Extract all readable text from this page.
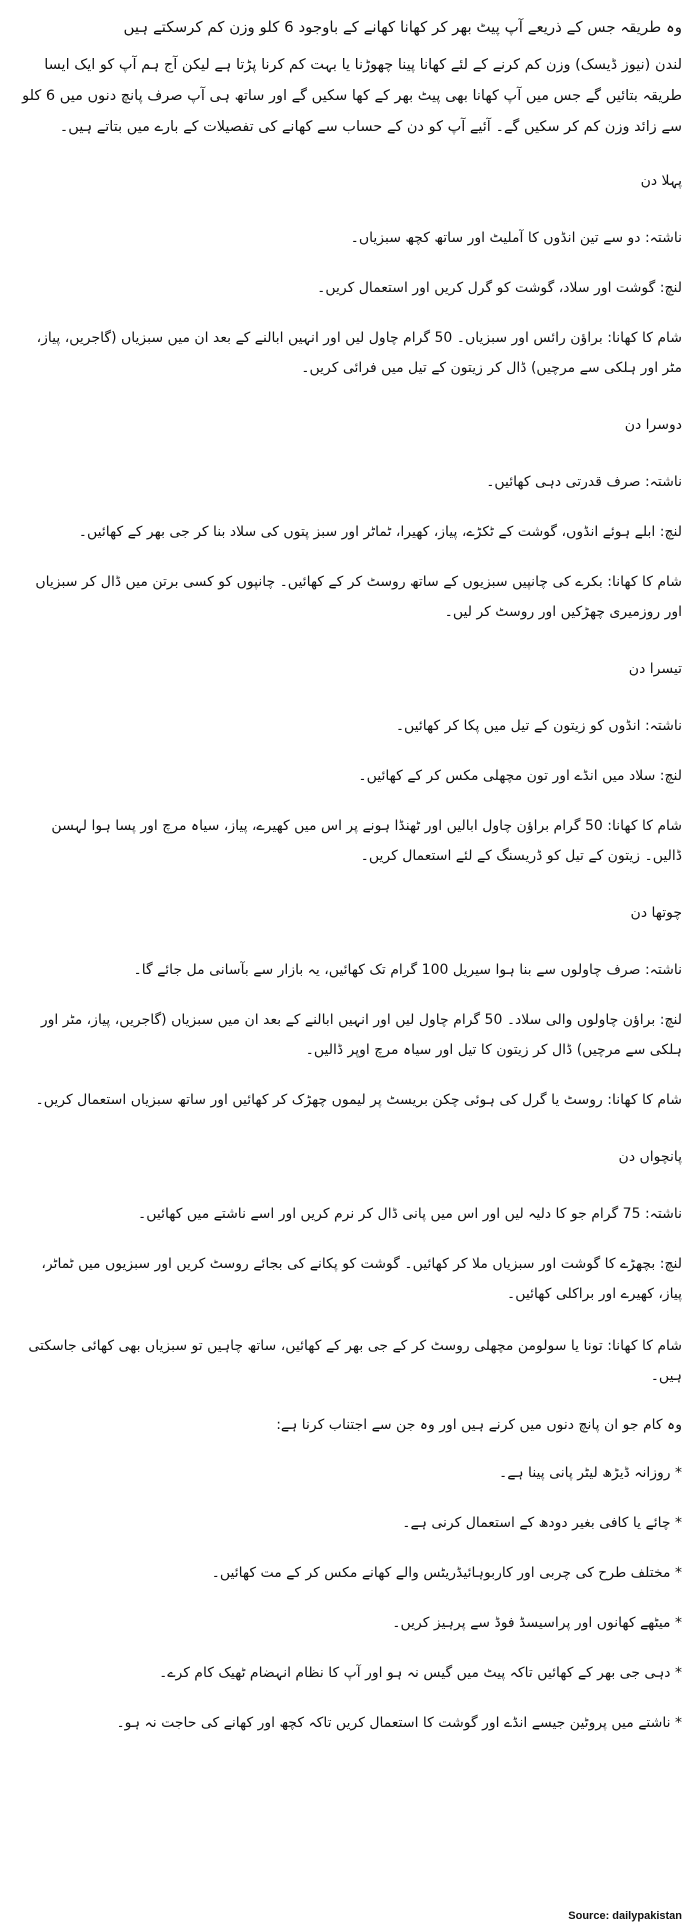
وہ طریقہ جس کے ذریعے آپ پیٹ بھر کر کھانا کھانے کے باوجود 6 کلو وزن کم کرسکتے ہیں

لندن (نیوز ڈیسک) وزن کم کرنے کے لئے کھانا پینا چھوڑنا یا بہت کم کرنا پڑتا ہے لیکن آج ہم آپ کو ایک ایسا طریقہ بتائیں گے جس میں آپ کھانا بھی پیٹ بھر کے کھا سکیں گے اور ساتھ ہی آپ صرف پانچ دنوں میں 6 کلو سے زائد وزن کم کر سکیں گے۔ آئیے آپ کو دن کے حساب سے کھانے کی تفصیلات کے بارے میں بتاتے ہیں۔

پہلا دن

ناشتہ: دو سے تین انڈوں کا آملیٹ اور ساتھ کچھ سبزیاں۔

لنچ: گوشت اور سلاد، گوشت کو گرل کریں اور استعمال کریں۔

شام کا کھانا: براؤن رائس اور سبزیاں۔ 50 گرام چاول لیں اور انہیں ابالنے کے بعد ان میں سبزیاں (گاجریں، پیاز، مٹر اور ہلکی سے مرچیں) ڈال کر زیتون کے تیل میں فرائی کریں۔

دوسرا دن

ناشتہ: صرف قدرتی دہی کھائیں۔

لنچ: ابلے ہوئے انڈوں، گوشت کے ٹکڑے، پیاز، کھیرا، ٹماٹر اور سبز پتوں کی سلاد بنا کر جی بھر کے کھائیں۔

شام کا کھانا: بکرے کی چانپیں سبزیوں کے ساتھ روسٹ کر کے کھائیں۔ چانپوں کو کسی برتن میں ڈال کر سبزیاں اور روزمیری چھڑکیں اور روسٹ کر لیں۔

تیسرا دن

ناشتہ: انڈوں کو زیتون کے تیل میں پکا کر کھائیں۔

لنچ: سلاد میں انڈے اور تون مچھلی مکس کر کے کھائیں۔

شام کا کھانا: 50 گرام براؤن چاول ابالیں اور ٹھنڈا ہونے پر اس میں کھیرے، پیاز، سیاہ مرچ اور پسا ہوا لہسن ڈالیں۔ زیتون کے تیل کو ڈریسنگ کے لئے استعمال کریں۔

چوتھا دن

ناشتہ: صرف چاولوں سے بنا ہوا سیریل 100 گرام تک کھائیں، یہ بازار سے بآسانی مل جائے گا۔

لنچ: براؤن چاولوں والی سلاد۔ 50 گرام چاول لیں اور انہیں ابالنے کے بعد ان میں سبزیاں (گاجریں، پیاز، مٹر اور ہلکی سے مرچیں) ڈال کر زیتون کا تیل اور سیاہ مرچ اوپر ڈالیں۔

شام کا کھانا: روسٹ یا گرل کی ہوئی چکن بریسٹ پر لیموں چھڑک کر کھائیں اور ساتھ سبزیاں استعمال کریں۔

پانچواں دن

ناشتہ: 75 گرام جو کا دلیہ لیں اور اس میں پانی ڈال کر نرم کریں اور اسے ناشتے میں کھائیں۔

لنچ: بچھڑے کا گوشت اور سبزیاں ملا کر کھائیں۔ گوشت کو پکانے کی بجائے روسٹ کریں اور سبزیوں میں ٹماٹر، پیاز، کھیرے اور براکلی کھائیں۔

شام کا کھانا: تونا یا سولومن مچھلی روسٹ کر کے جی بھر کے کھائیں، ساتھ چاہیں تو سبزیاں بھی کھائی جاسکتی ہیں۔

وہ کام جو ان پانچ دنوں میں کرنے ہیں اور وہ جن سے اجتناب کرنا ہے:

* روزانہ ڈیڑھ لیٹر پانی پینا ہے۔

* چائے یا کافی بغیر دودھ کے استعمال کرنی ہے۔

* مختلف طرح کی چربی اور کاربوہائیڈریٹس والے کھانے مکس کر کے مت کھائیں۔

* میٹھے کھانوں اور پراسیسڈ فوڈ سے پرہیز کریں۔

* دہی جی بھر کے کھائیں تاکہ پیٹ میں گیس نہ ہو اور آپ کا نظام انہضام ٹھیک کام کرے۔

* ناشتے میں پروٹین جیسے انڈے اور گوشت کا استعمال کریں تاکہ کچھ اور کھانے کی حاجت نہ ہو۔

Source: dailypakistan
